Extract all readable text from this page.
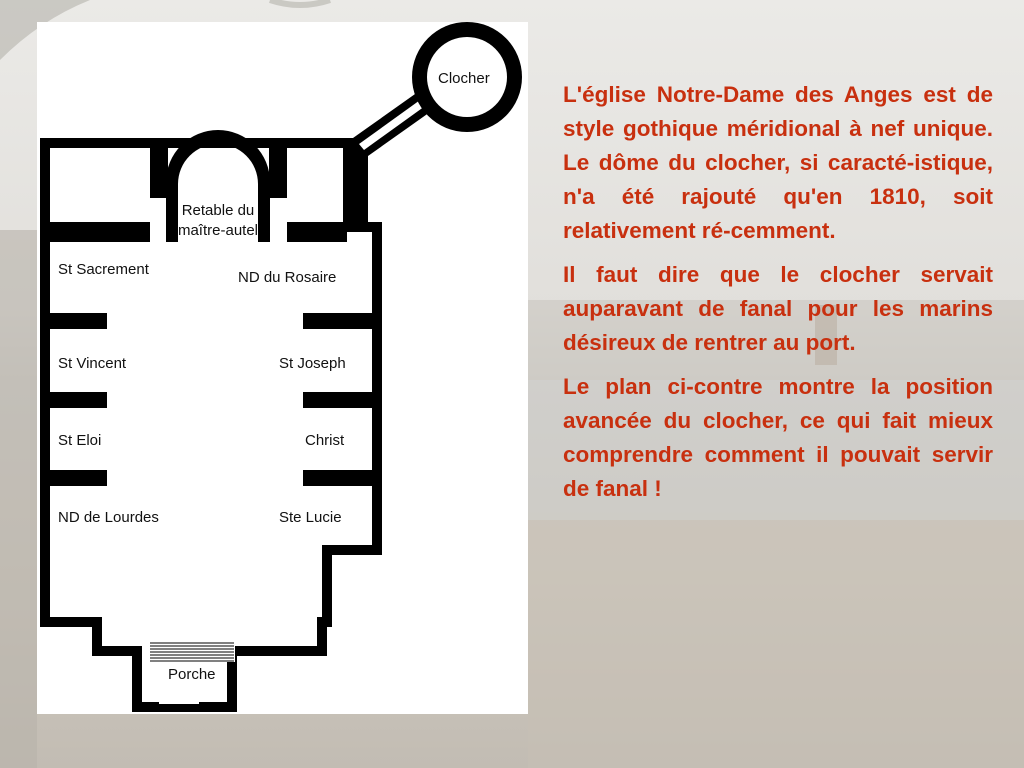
Clocher
Retable du
maître-autel
St Sacrement	ND du Rosaire
St Vincent	St Joseph
St Eloi	Christ
ND de Lourdes	Ste Lucie
Porche

L'église Notre-Dame des Anges est de style gothique méridional à nef unique. Le dôme du clocher, si caracté-istique, n'a été rajouté qu'en 1810, soit relativement ré-cemment.

Il faut dire que le clocher servait auparavant de fanal pour les marins désireux de rentrer au port.

Le plan ci-contre montre la position avancée du clocher, ce qui fait mieux comprendre comment il pouvait servir de fanal !
